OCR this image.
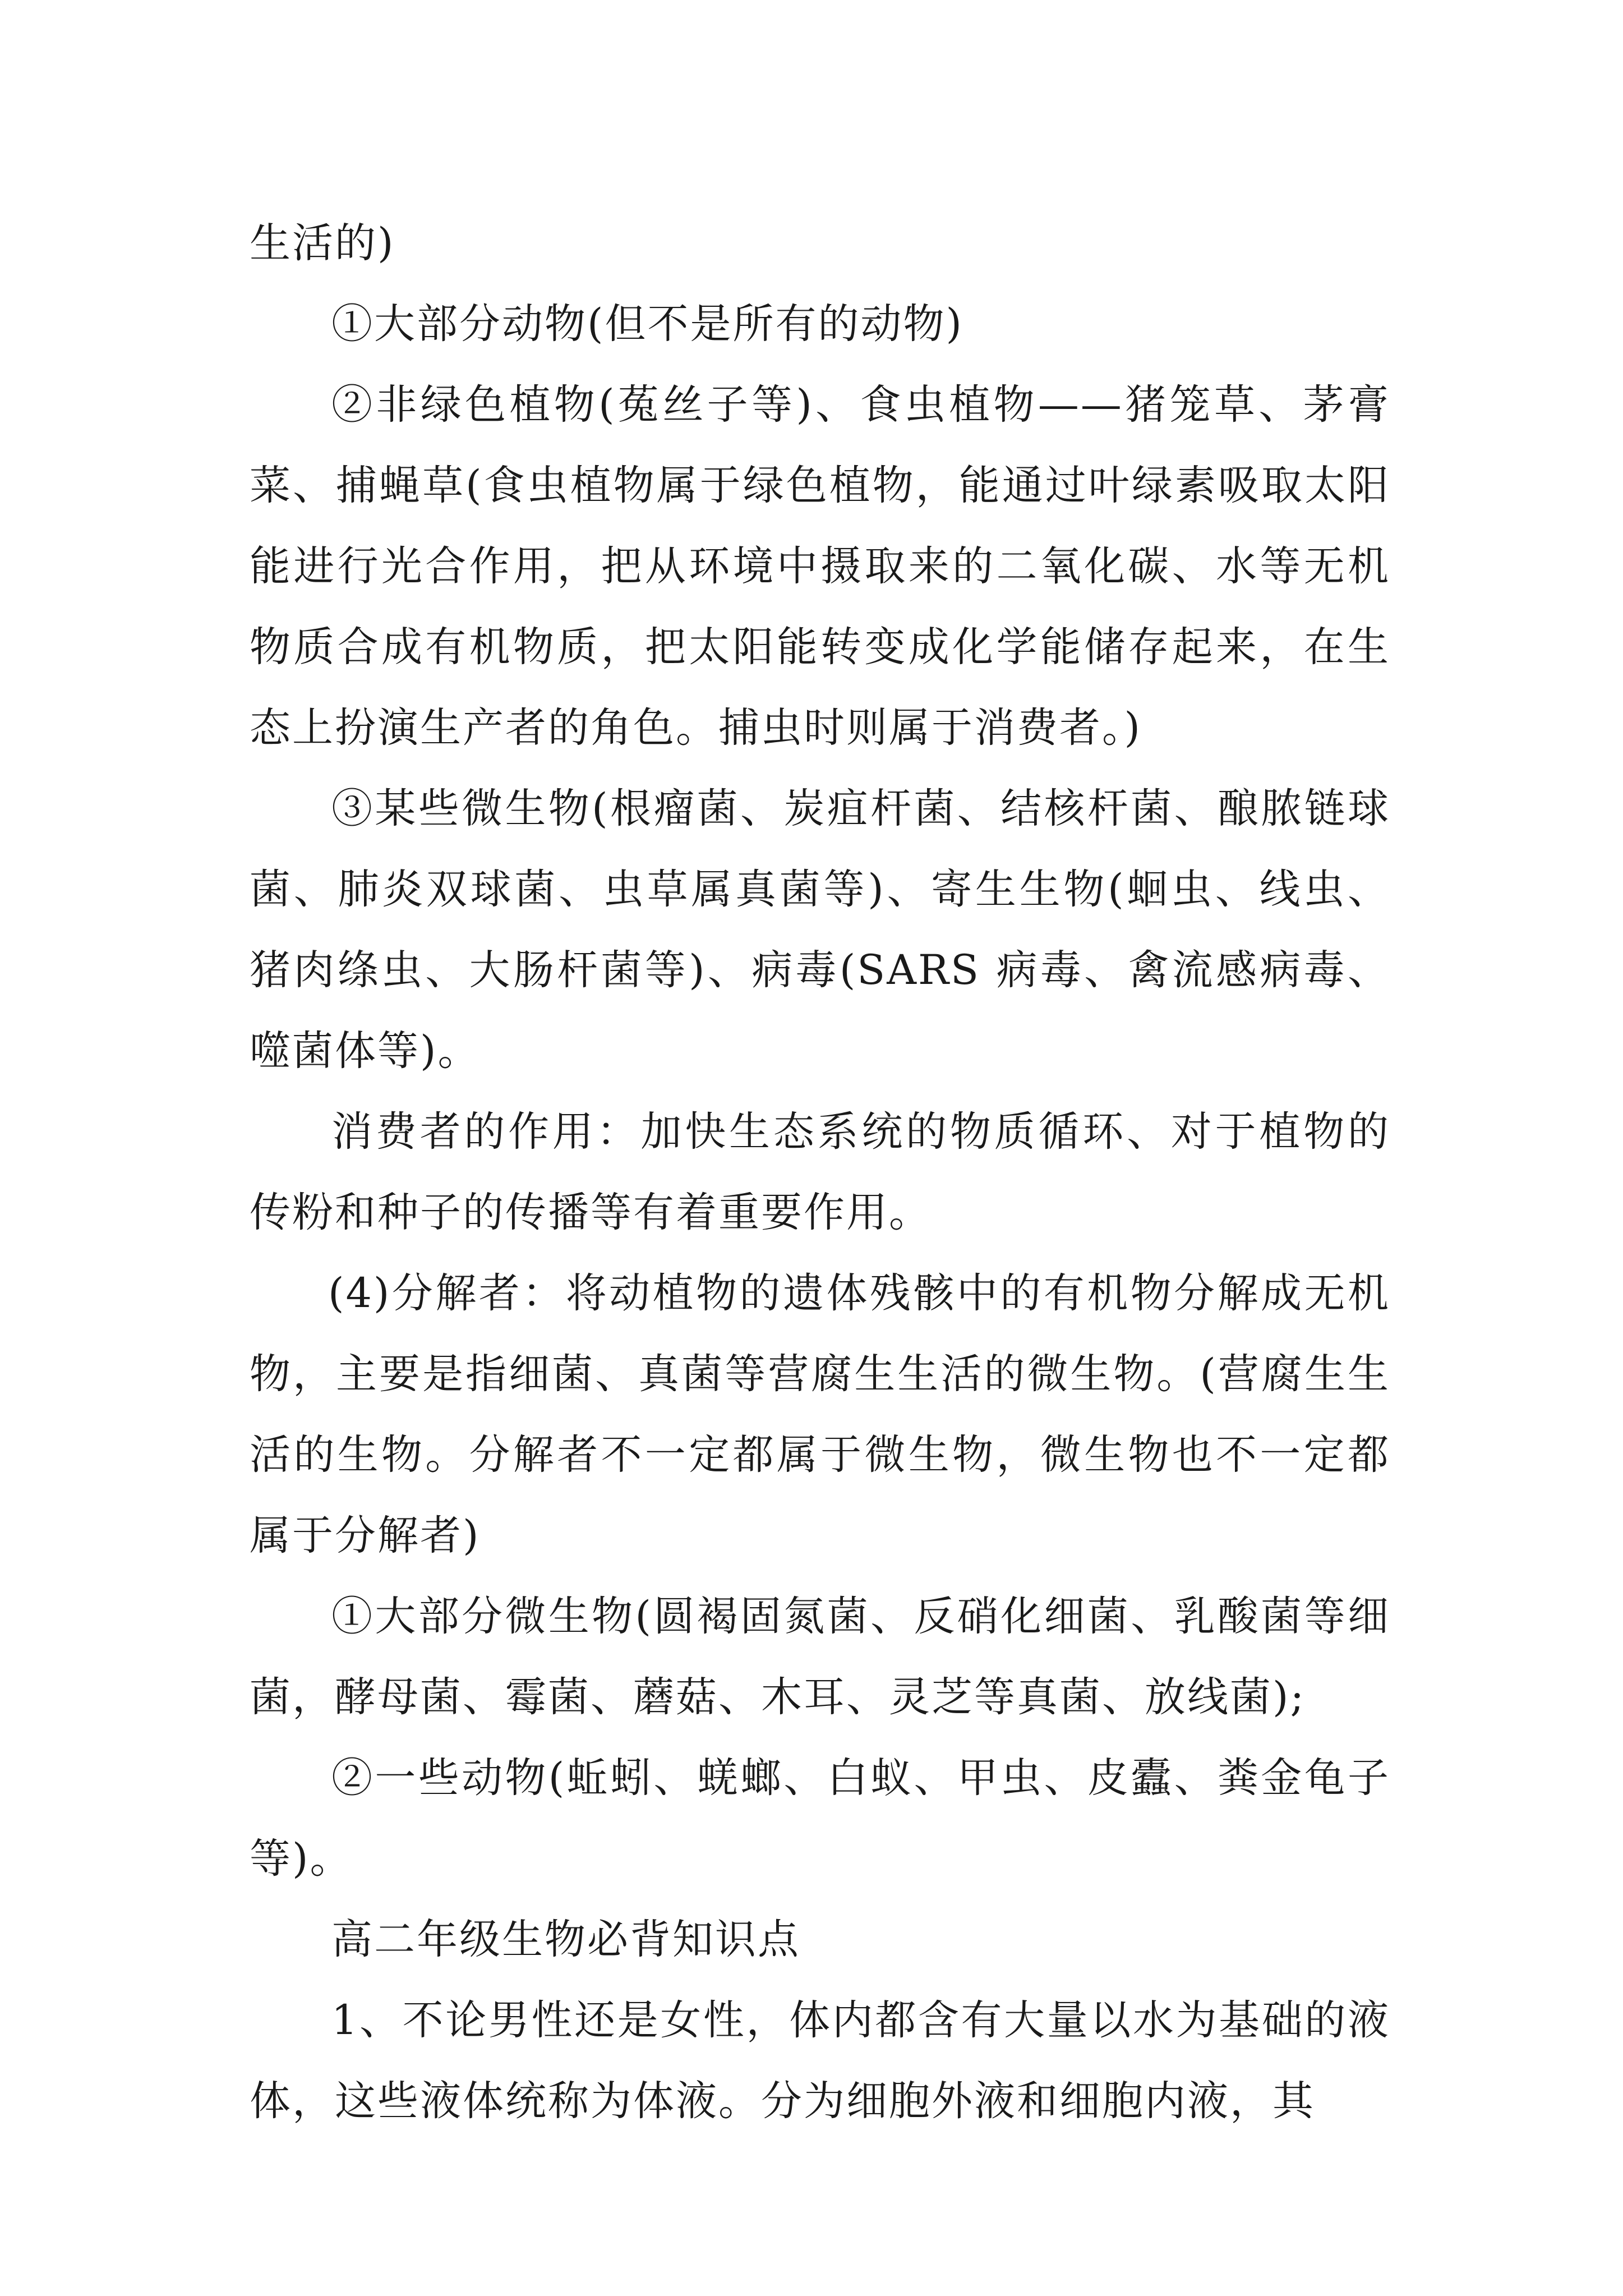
生活的)

①大部分动物(但不是所有的动物)

②非绿色植物(菟丝子等)、食虫植物——猪笼草、茅膏菜、捕蝇草(食虫植物属于绿色植物，能通过叶绿素吸取太阳能进行光合作用，把从环境中摄取来的二氧化碳、水等无机物质合成有机物质，把太阳能转变成化学能储存起来，在生态上扮演生产者的角色。捕虫时则属于消费者。)

③某些微生物(根瘤菌、炭疽杆菌、结核杆菌、酿脓链球菌、肺炎双球菌、虫草属真菌等)、寄生生物(蛔虫、线虫、猪肉绦虫、大肠杆菌等)、病毒(SARS 病毒、禽流感病毒、噬菌体等)。

消费者的作用：加快生态系统的物质循环、对于植物的传粉和种子的传播等有着重要作用。

(4)分解者：将动植物的遗体残骸中的有机物分解成无机物，主要是指细菌、真菌等营腐生生活的微生物。(营腐生生活的生物。分解者不一定都属于微生物，微生物也不一定都属于分解者)

①大部分微生物(圆褐固氮菌、反硝化细菌、乳酸菌等细菌，酵母菌、霉菌、蘑菇、木耳、灵芝等真菌、放线菌);

②一些动物(蚯蚓、蜣螂、白蚁、甲虫、皮蠹、粪金龟子等)。

高二年级生物必背知识点

1、不论男性还是女性，体内都含有大量以水为基础的液体，这些液体统称为体液。分为细胞外液和细胞内液，其
